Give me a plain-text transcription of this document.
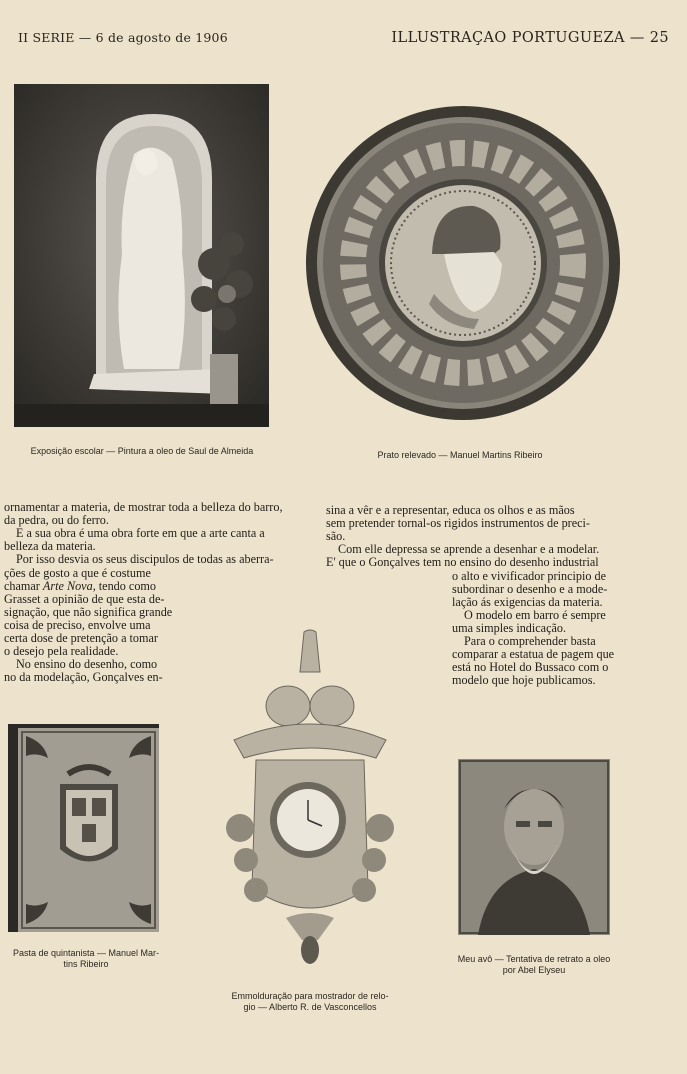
II SERIE — 6 de agosto de 1906	ILLUSTRAÇAO PORTUGUEZA — 25
Exposição escolar — Pintura a oleo de Saul de Almeida	Prato relevado — Manuel Martins Ribeiro

ornamentar a materia, de mostrar toda a belleza do barro,

da pedra, ou do ferro.

E a sua obra é uma obra forte em que a arte canta a

belleza da materia.

Por isso desvia os seus discipulos de todas as aberra-

ções de gosto a que é costume

chamar Arte Nova, tendo como

Grasset a opinião de que esta de-

signação, que não significa grande

coisa de preciso, envolve uma

certa dose de pretenção a tomar

o desejo pela realidade.

No ensino do desenho, como

no da modelação, Gonçalves en-

sina a vêr e a representar, educa os olhos e as mãos

sem pretender tornal-os rigidos instrumentos de preci-

são.

Com elle depressa se aprende a desenhar e a modelar.

E' que o Gonçalves tem no ensino do desenho industrial

o alto e vivificador principio de

subordinar o desenho e a mode-

lação ás exigencias da materia.

O modelo em barro é sempre

uma simples indicação.

Para o comprehender basta

comparar a estatua de pagem que

está no Hotel do Bussaco com o

modelo que hoje publicamos.

Pasta de quintanista — Manuel Mar-
tins Ribeiro
Emmolduração para mostrador de relo-
gio — Alberto R. de Vasconcellos
Meu avô — Tentativa de retrato a oleo
por Abel Elyseu
